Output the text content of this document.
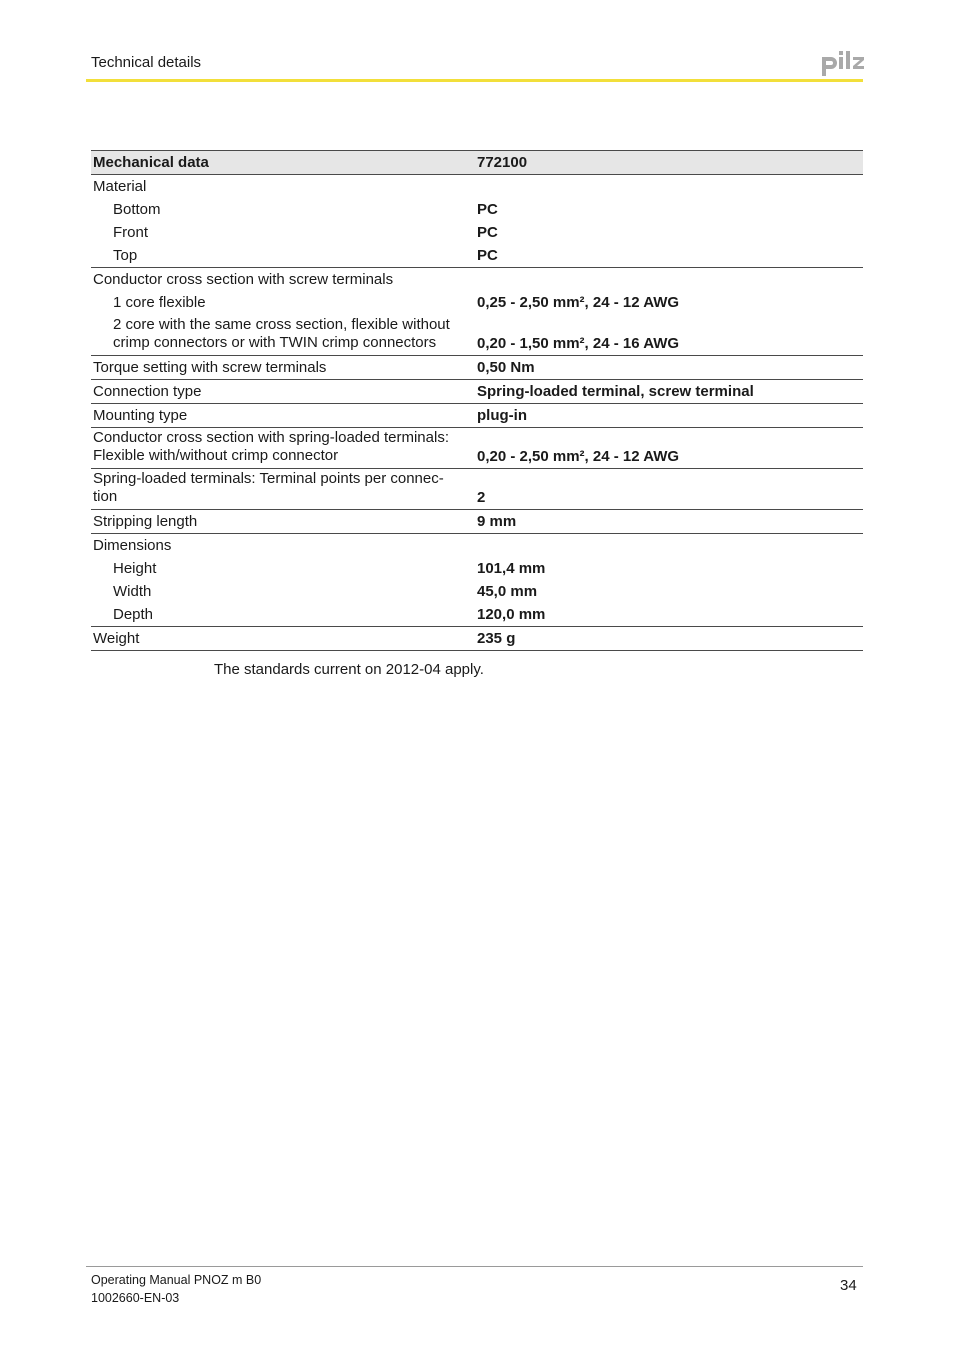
Technical details
Mechanical data	772100
Material
Bottom	PC
Front	PC
Top	PC
Conductor cross section with screw terminals
1 core flexible	0,25 - 2,50 mm², 24 - 12 AWG
2 core with the same cross section, flexible without
crimp connectors or with TWIN crimp connectors	0,20 - 1,50 mm², 24 - 16 AWG
Torque setting with screw terminals	0,50 Nm
Connection type	Spring-loaded terminal, screw terminal
Mounting type	plug-in
Conductor cross section with spring-loaded terminals:
Flexible with/without crimp connector	0,20 - 2,50 mm², 24 - 12 AWG
Spring-loaded terminals: Terminal points per connec-
tion	2
Stripping length	9 mm
Dimensions
Height	101,4 mm
Width	45,0 mm
Depth	120,0 mm
Weight	235 g
The standards current on 2012-04 apply.
Operating Manual PNOZ m B0
1002660-EN-03
34
